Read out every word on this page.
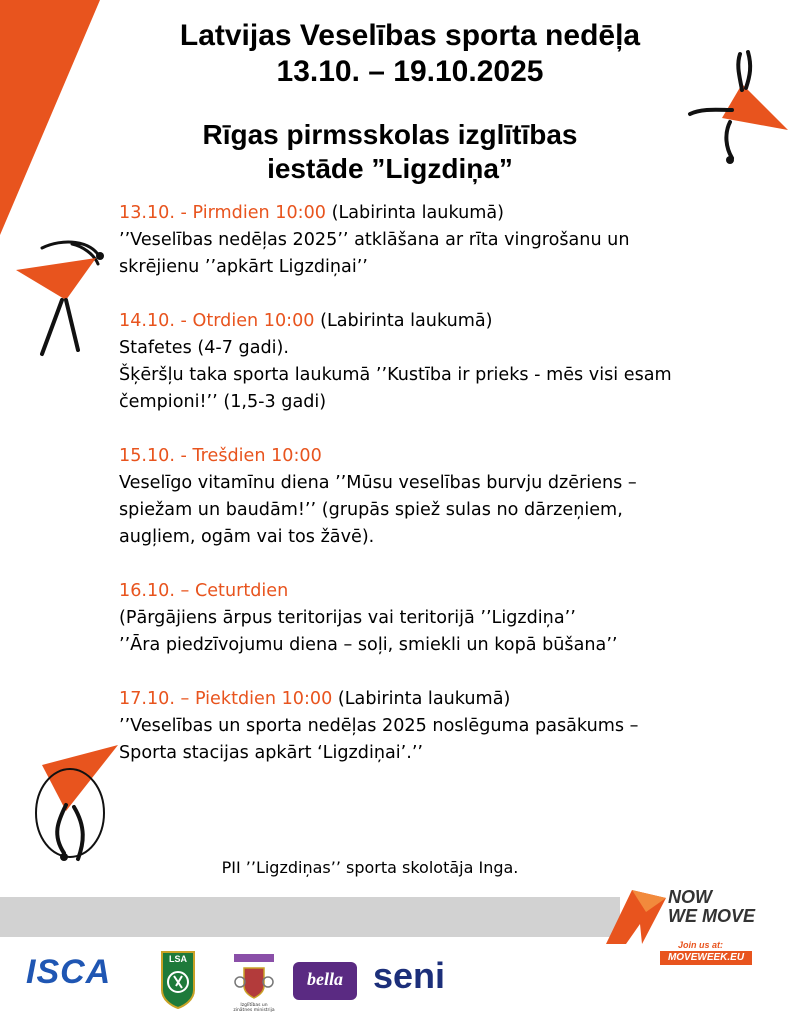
Latvijas Veselības sporta nedēļa
13.10. – 19.10.2025
Rīgas pirmsskolas izglītības
iestāde ”Ligzdiņa”
13.10. - Pirmdien 10:00 (Labirinta laukumā)
’’Veselības nedēļas 2025’’ atklāšana ar rīta vingrošanu un
skrējienu ’’apkārt Ligzdiņai’’
14.10. - Otrdien 10:00 (Labirinta laukumā)
Stafetes (4-7 gadi).
Šķēršļu taka sporta laukumā ’’Kustība ir prieks - mēs visi esam
čempioni!’’ (1,5-3 gadi)
15.10. - Trešdien 10:00
Veselīgo vitamīnu diena ’’Mūsu veselības burvju dzēriens –
spiežam un baudām!’’ (grupās spiež sulas no dārzeņiem,
augļiem, ogām vai tos žāvē).
16.10. – Ceturtdien
(Pārgājiens ārpus teritorijas vai teritorijā ’’Ligzdiņa’’
’’Āra piedzīvojumu diena – soļi, smiekli un kopā būšana’’
17.10. – Piektdien 10:00 (Labirinta laukumā)
’’Veselības un sporta nedēļas 2025 noslēguma pasākums –
Sporta stacijas apkārt ‘Ligzdiņai’.’’
PII ’’Ligzdiņas’’ sporta skolotāja Inga.
NOW
WE MOVE
Join us at:
MOVEWEEK.EU
ISCA	LSA
Izglītības un zinātnes ministrija
bella seni
